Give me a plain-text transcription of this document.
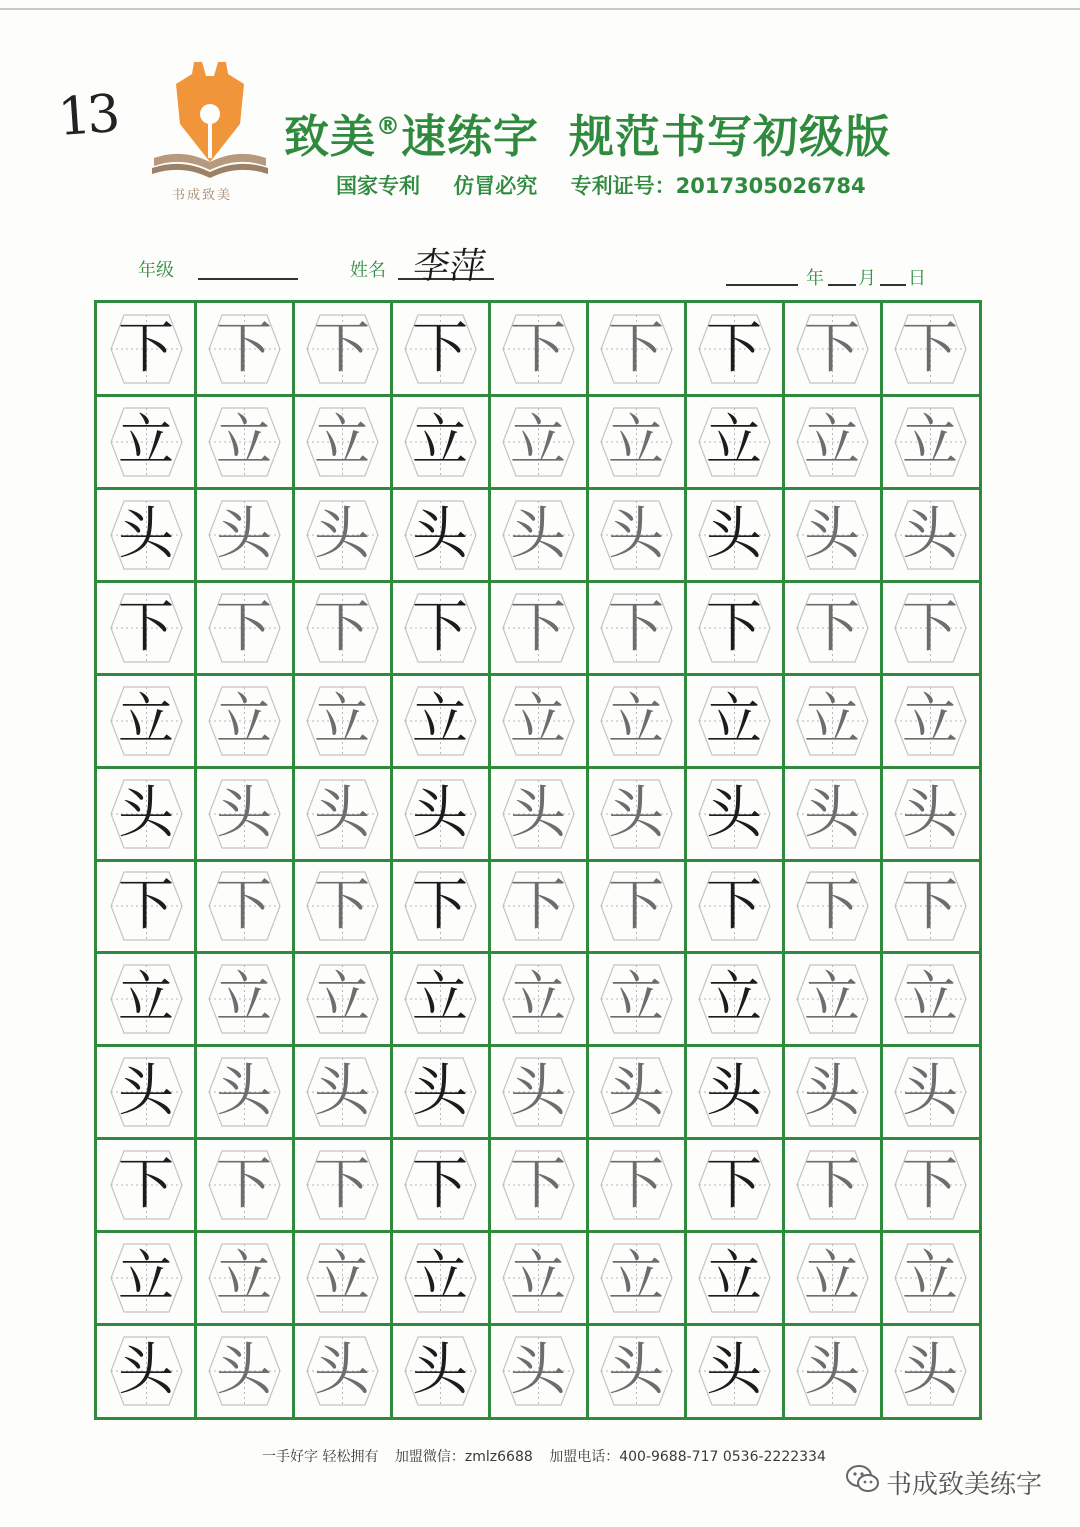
13
书成致美
致美®速练字 规范书写初级版
国家专利 仿冒必究 专利证号：2017305026784
年级	姓名 李萍	年 月 日
下 下 下 下 下 下 下 下 下
立 立 立 立 立 立 立 立 立
头 头 头 头 头 头 头 头 头
下 下 下 下 下 下 下 下 下
立 立 立 立 立 立 立 立 立
头 头 头 头 头 头 头 头 头
下 下 下 下 下 下 下 下 下
立 立 立 立 立 立 立 立 立
头 头 头 头 头 头 头 头 头
下 下 下 下 下 下 下 下 下
立 立 立 立 立 立 立 立 立
头 头 头 头 头 头 头 头 头
一手好字 轻松拥有 加盟微信：zmlz6688 加盟电话：400-9688-717 0536-2222334
书成致美练字
